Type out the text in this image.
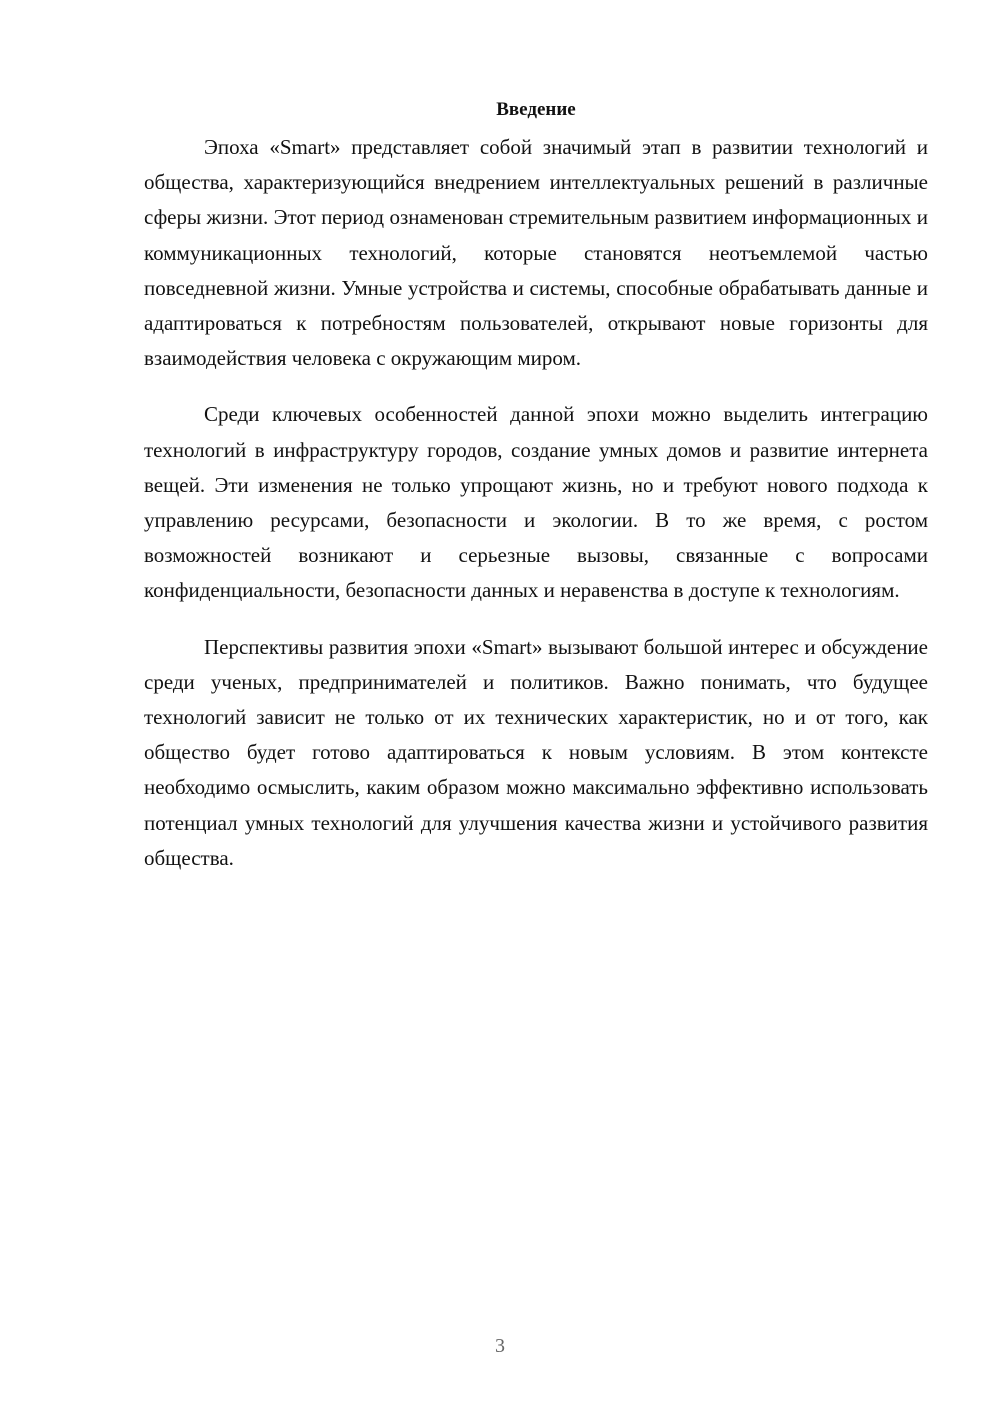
Введение

Эпоха «Smart» представляет собой значимый этап в развитии технологий и общества, характеризующийся внедрением интеллектуальных решений в различные сферы жизни. Этот период ознаменован стремительным развитием информационных и коммуникационных технологий, которые становятся неотъемлемой частью повседневной жизни. Умные устройства и системы, способные обрабатывать данные и адаптироваться к потребностям пользователей, открывают новые горизонты для взаимодействия человека с окружающим миром.

Среди ключевых особенностей данной эпохи можно выделить интеграцию технологий в инфраструктуру городов, создание умных домов и развитие интернета вещей. Эти изменения не только упрощают жизнь, но и требуют нового подхода к управлению ресурсами, безопасности и экологии. В то же время, с ростом возможностей возникают и серьезные вызовы, связанные с вопросами конфиденциальности, безопасности данных и неравенства в доступе к технологиям.

Перспективы развития эпохи «Smart» вызывают большой интерес и обсуждение среди ученых, предпринимателей и политиков. Важно понимать, что будущее технологий зависит не только от их технических характеристик, но и от того, как общество будет готово адаптироваться к новым условиям. В этом контексте необходимо осмыслить, каким образом можно максимально эффективно использовать потенциал умных технологий для улучшения качества жизни и устойчивого развития общества.

3
